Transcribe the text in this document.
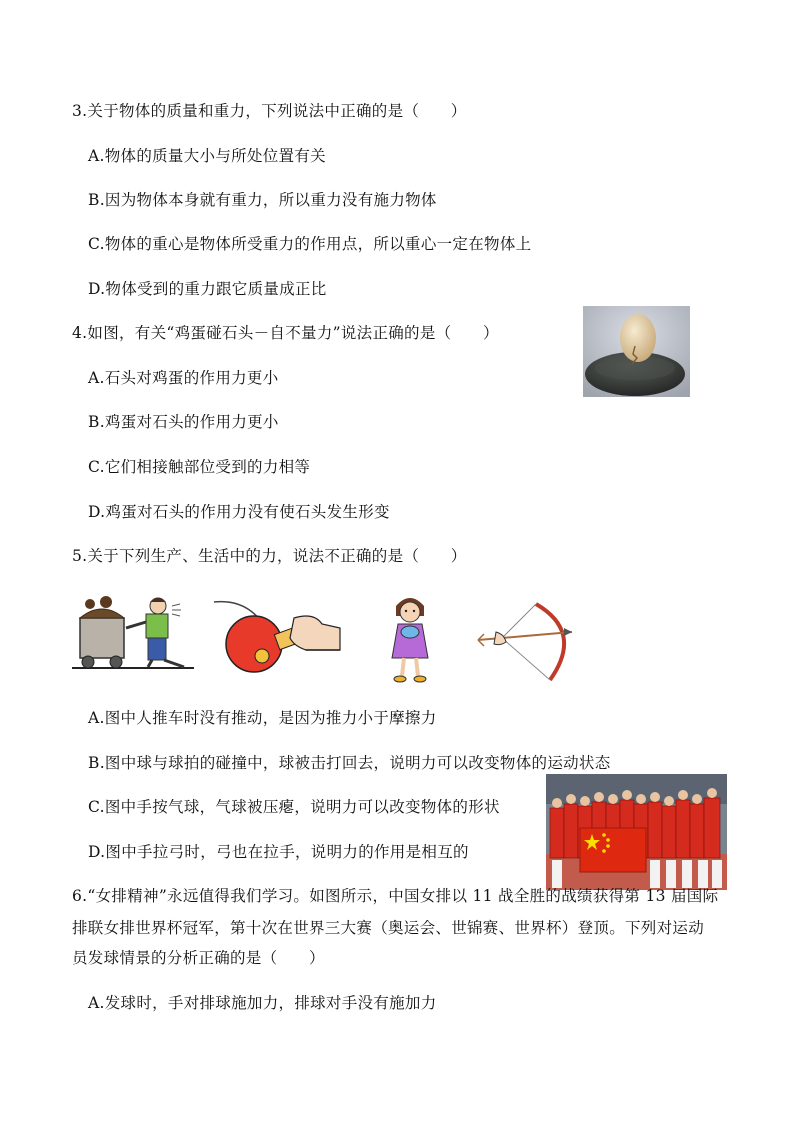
3.关于物体的质量和重力，下列说法中正确的是（　　）
A.物体的质量大小与所处位置有关
B.因为物体本身就有重力，所以重力没有施力物体
C.物体的重心是物体所受重力的作用点，所以重心一定在物体上
D.物体受到的重力跟它质量成正比
4.如图，有关“鸡蛋碰石头－自不量力”说法正确的是（　　）
A.石头对鸡蛋的作用力更小
B.鸡蛋对石头的作用力更小
C.它们相接触部位受到的力相等
D.鸡蛋对石头的作用力没有使石头发生形变
5.关于下列生产、生活中的力，说法不正确的是（　　）
A.图中人推车时没有推动，是因为推力小于摩擦力
B.图中球与球拍的碰撞中，球被击打回去，说明力可以改变物体的运动状态
C.图中手按气球，气球被压瘪，说明力可以改变物体的形状
D.图中手拉弓时，弓也在拉手，说明力的作用是相互的
6.“女排精神”永远值得我们学习。如图所示，中国女排以 11 战全胜的战绩获得第 13 届国际
排联女排世界杯冠军，第十次在世界三大赛（奥运会、世锦赛、世界杯）登顶。下列对运动
员发球情景的分析正确的是（　　）
A.发球时，手对排球施加力，排球对手没有施加力
